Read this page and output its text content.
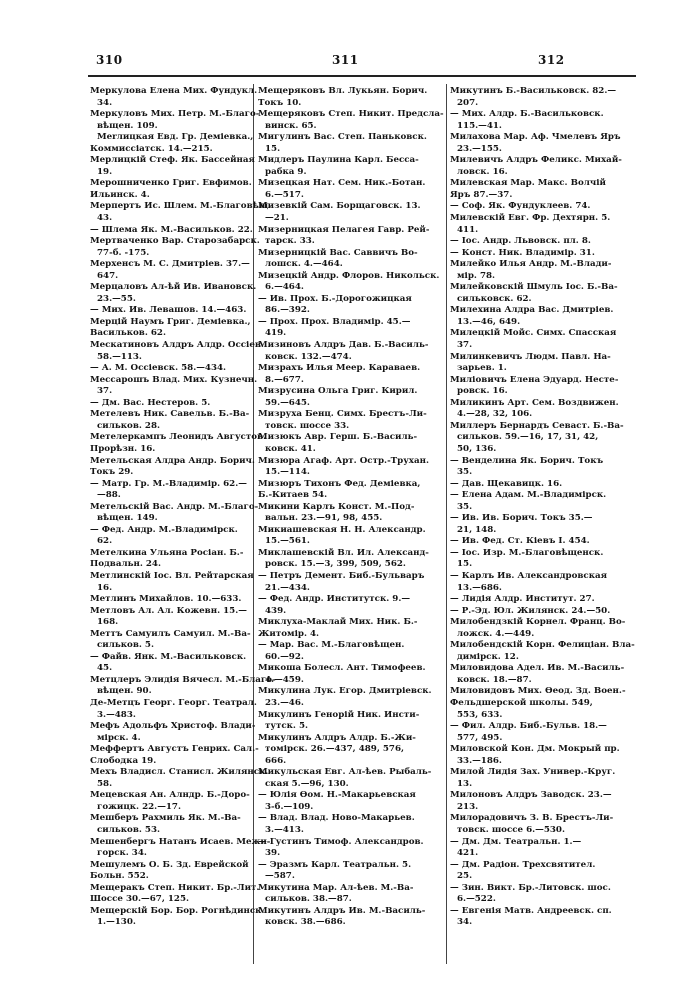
310	311	312
Меркулова Елена Мих. Фундукл.
34.
Меркуловъ Мих. Петр. М.-Благо-
вѣщен. 109.
Merлицкая Евд. Гр. Деміевка.,
Коммиссіатск. 14.—215.
Мерлицкій Стеф. Як. Бассейная
19.
Мерошниченко Григ. Евфимов.
Ильинск. 4.
Мерпертъ Ис. Шлем. М.-Благовѣщ.
43.
— Шлема Як. М.-Васильков. 22.
Мертваченко Вар. Старозабарск.
77-б. -175.
Мерхенсъ М. С. Дмитріев. 37.—
647.
Мерцаловъ Ал-ѣй Ив. Ивановск.
23.—55.
— Мих. Ив. Левашов. 14.—463.
Мерцій Наумъ Григ. Деміевка.,
Васильков. 62.
Мескатиновъ Алдръ Алдр. Оссіев.
58.—113.
— А. М. Оссіевск. 58.—434.
Мессарошъ Влад. Мих. Кузнечн.
37.
— Дм. Вас. Нестеров. 5.
Метелевъ Ник. Савельв. Б.-Ва-
сильков. 28.
Метелеркампъ Леонидъ Августов.
Прорѣзн. 16.
Метельская Алдра Андр. Борич.
Токъ 29.
— Матр. Гр. М.-Владимір. 62.—
—88.
Метельскій Вас. Андр. М.-Благо-
вѣщен. 149.
— Фед. Андр. М.-Владимірск.
62.
Метелкина Ульяна Росіан. Б.-
Подвальн. 24.
Метлинскій Іос. Вл. Рейтарская
16.
Метлинъ Михайлов. 10.—633.
Метловъ Ал. Ал. Кожевн. 15.—
168.
Меттъ Самуилъ Самуил. М.-Ва-
сильков. 5.
— Файв. Янк. М.-Васильковск.
45.
Метцлеръ Элидія Вячесл. М.-Благо-
вѣщен. 90.
Де-Метцъ Георг. Георг. Театрал.
3.—483.
Мефъ Адольфъ Христоф. Влади-
мірск. 4.
Меффертъ Августъ Генрих. Сал.-
Слободка 19.
Мехъ Владисл. Станисл. Жилянск.
58.
Мецевская Ан. Алндр. Б.-Доро-
гожицк. 22.—17.
Мешберъ Рахмиль Як. М.-Ва-
сильков. 53.
Мешенбергъ Натанъ Исаев. Межи-
горск. 34.
Мешулемъ О. Б. Зд. Еврейской
Больн. 552.
Мещеракъ Степ. Никит. Бр.-Лит.
Шоссе 30.—67, 125.
Мещерскій Бор. Бор. Рогнѣдинск.
1.—130.
Мещеряковъ Вл. Лукьян. Борич.
Токъ 10.
Мещеряковъ Степ. Никит. Предсла-
винск. 65.
Мигулинъ Вас. Степ. Паньковск.
15.
Мидлеръ Паулина Карл. Бесса-
рабка 9.
Мизецкая Нат. Сем. Ник.-Ботан.
6.—517.
Мизевкій Сам. Борщаговск. 13.
—21.
Мизерницкая Пелагея Гавр. Рей-
тарск. 33.
Мизерницкій Вас. Саввичъ Во-
лошск. 4.—464.
Мизецкій Андр. Флоров. Никольск.
6.—464.
— Ив. Прох. Б.-Дорогожицкая
86.—392.
— Прох. Прох. Владимір. 45.—
419.
Мизиновъ Алдръ Дав. Б.-Василь-
ковск. 132.—474.
Мизрахъ Илья Меер. Караваев.
8.—677.
Мизрусина Ольга Григ. Кирил.
59.—645.
Мизруха Бенц. Симх. Брестъ-Ли-
товск. шоссе 33.
Мизюкъ Авр. Герш. Б.-Василь-
ковск. 41.
Мизюра Агаф. Арт. Остр.-Трухан.
15.—114.
Мизюръ Тихонъ Фед. Деміевка,
Б.-Китаев 54.
Микини Карлъ Конст. М.-Под-
вальн. 23.—91, 98, 455.
Микиашевская Н. Н. Александр.
15.—561.
Миклашевскій Вл. Ил. Александ-
ровск. 15.—3, 399, 509, 562.
— Петръ Демент. Биб.-Бульваръ
21.—434.
— Фед. Андр. Институтск. 9.—
439.
Миклуха-Маклай Мих. Ник. Б.-
Житомір. 4.
— Мар. Вас. М.-Благовѣщен.
60.—92.
Микоша Болесл. Ант. Тимофеев.
4.—459.
Микулина Лук. Егор. Дмитріевск.
23.—46.
Микулинъ Генорій Ник. Инсти-
тутск. 5.
Микулинъ Алдръ Алдр. Б.-Жи-
томірск. 26.—437, 489, 576,
666.
Микульская Евг. Ал-ѣев. Рыбаль-
ская 5.—96, 130.
— Юлія Ѳом. Н.-Макарьевская
3-б.—109.
— Влад. Влад. Ново-Макарьев.
3.—413.
— Густинъ Тимоф. Александров.
39.
— Эразмъ Карл. Театральн. 5.
—587.
Микутина Мар. Ал-ѣев. М.-Ва-
сильков. 38.—87.
Микутинъ Алдръ Ив. М.-Василь-
ковск. 38.—686.
Микутинъ Б.-Васильковск. 82.—
207.
— Мих. Алдр. Б.-Васильковск.
115.—41.
Милахова Мар. Аф. Чмелевъ Яръ
23.—155.
Милевичъ Алдръ Феликс. Михай-
ловск. 16.
Милевская Мар. Макс. Волчій
Яръ 87.—37.
— Соф. Як. Фундуклеев. 74.
Милевскій Евг. Фр. Дехтярн. 5.
411.
— Іос. Андр. Львовск. пл. 8.
— Конст. Ник. Владимір. 31.
Милейко Илья Андр. М.-Влади-
мір. 78.
Милейковскій Шмуль Іос. Б.-Ва-
сильковск. 62.
Милехина Алдра Вас. Дмитріев.
13.—46, 649.
Милецкій Мойс. Симх. Спасская
37.
Милинкевичъ Людм. Павл. На-
зарьев. 1.
Миліовичъ Елена Эдуард. Несте-
ровск. 16.
Миликинъ Арт. Сем. Воздвижен.
4.—28, 32, 106.
Миллеръ Бернардъ Севаст. Б.-Ва-
сильков. 59.—16, 17, 31, 42,
50, 136.
— Венделина Як. Борич. Токъ
35.
— Дав. Щекавицк. 16.
— Елена Адам. М.-Владимірск.
35.
— Ив. Ив. Борич. Токъ 35.—
21, 148.
— Ив. Фед. Ст. Кіевъ I. 454.
— Іос. Изр. М.-Благовѣщенск.
15.
— Карлъ Ив. Александровская
13.—686.
— Лидія Алдр. Институт. 27.
— Р.-Эд. Юл. Жилянск. 24.—50.
Милобендзкій Корнел. Франц. Во-
ложск. 4.—449.
Милобендскій Корн. Фелиціан. Вла-
димірск. 12.
Миловидова Адел. Ив. М.-Василь-
ковск. 18.—87.
Миловидовъ Мих. Ѳеод. Зд. Воен.-
Фельдшерской школы. 549,
553, 633.
— Фил. Алдр. Биб.-Бульв. 18.—
577, 495.
Миловской Кон. Дм. Мокрый пр.
33.—186.
Милой Лидія Зах. Универ.-Круг.
13.
Милоновъ Алдръ Заводск. 23.—
213.
Милорадовичъ З. В. Брестъ-Ли-
товск. шоссе 6.—530.
— Дм. Дм. Театральн. 1.—
421.
— Дм. Радіон. Трехсвятител.
25.
— Зин. Викт. Бр.-Литовск. шос.
6.—522.
— Евгенія Матв. Андреевск. сп.
34.
